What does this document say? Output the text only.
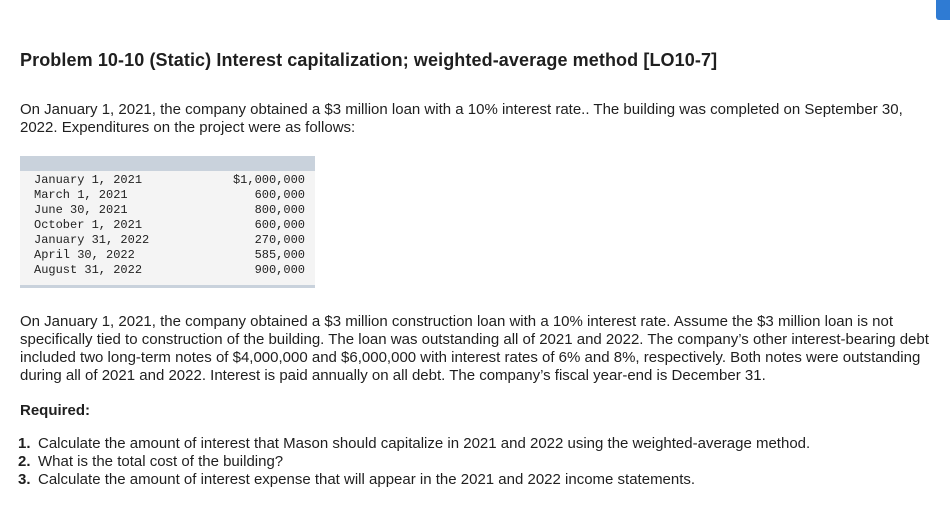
Problem 10-10 (Static) Interest capitalization; weighted-average method [LO10-7]

On January 1, 2021, the company obtained a $3 million loan with a 10% interest rate.. The building was completed on September 30, 2022. Expenditures on the project were as follows:

January 1, 2021	$1,000,000
March 1, 2021	600,000
June 30, 2021	800,000
October 1, 2021	600,000
January 31, 2022	270,000
April 30, 2022	585,000
August 31, 2022	900,000

On January 1, 2021, the company obtained a $3 million construction loan with a 10% interest rate. Assume the $3 million loan is not specifically tied to construction of the building. The loan was outstanding all of 2021 and 2022. The company’s other interest-bearing debt included two long-term notes of $4,000,000 and $6,000,000 with interest rates of 6% and 8%, respectively. Both notes were outstanding during all of 2021 and 2022. Interest is paid annually on all debt. The company’s fiscal year-end is December 31.

Required:

1. Calculate the amount of interest that Mason should capitalize in 2021 and 2022 using the weighted-average method.
2. What is the total cost of the building?
3. Calculate the amount of interest expense that will appear in the 2021 and 2022 income statements.
